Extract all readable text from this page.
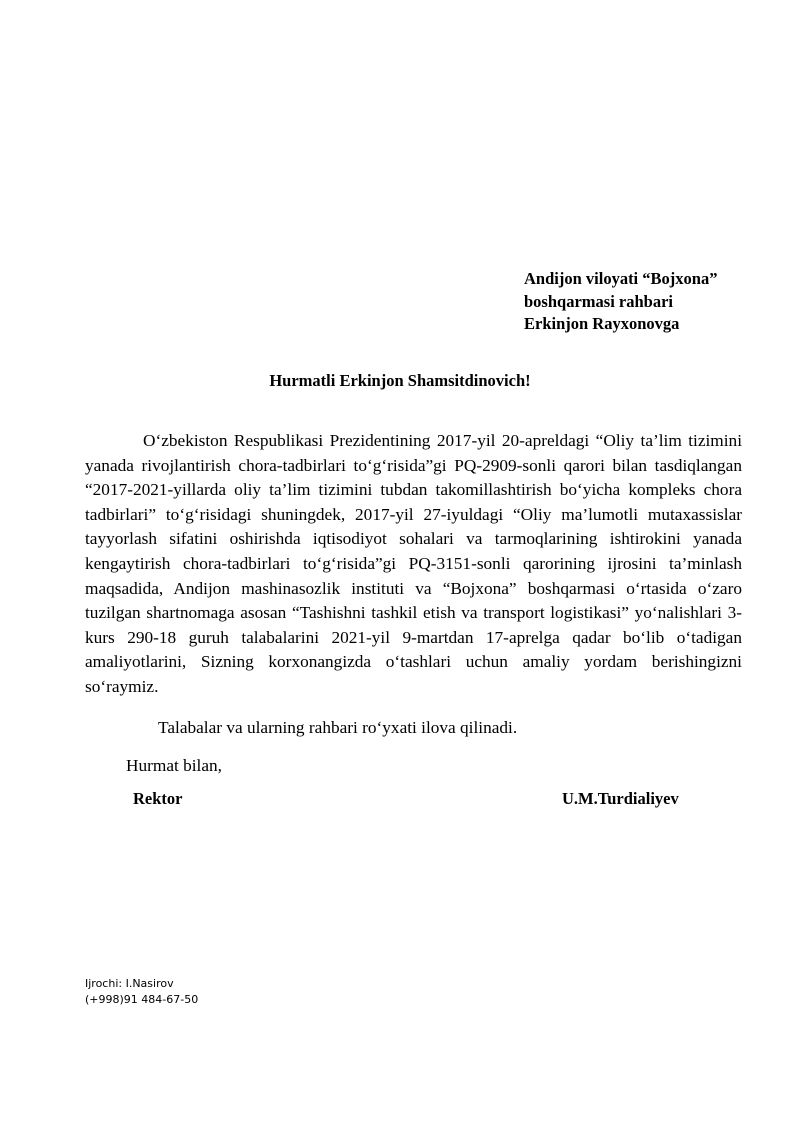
Andijon viloyati “Bojxona”
boshqarmasi rahbari
Erkinjon Rayxonovga
Hurmatli Erkinjon Shamsitdinovich!

O‘zbekiston Respublikasi Prezidentining 2017-yil 20-apreldagi “Oliy ta’lim tizimini yanada rivojlantirish chora-tadbirlari to‘g‘risida”gi PQ-2909-sonli qarori bilan tasdiqlangan “2017-2021-yillarda oliy ta’lim tizimini tubdan takomillashtirish bo‘yicha kompleks chora tadbirlari” to‘g‘risidagi shuningdek, 2017-yil 27-iyuldagi “Oliy ma’lumotli mutaxassislar tayyorlash sifatini oshirishda iqtisodiyot sohalari va tarmoqlarining ishtirokini yanada kengaytirish chora-tadbirlari to‘g‘risida”gi PQ-3151-sonli qarorining ijrosini ta’minlash maqsadida, Andijon mashinasozlik instituti va “Bojxona” boshqarmasi o‘rtasida o‘zaro tuzilgan shartnomaga asosan “Tashishni tashkil etish va transport logistikasi” yo‘nalishlari 3-kurs 290-18 guruh talabalarini 2021-yil 9-martdan 17-aprelga qadar bo‘lib o‘tadigan amaliyotlarini, Sizning korxonangizda o‘tashlari uchun amaliy yordam berishingizni so‘raymiz.

Talabalar va ularning rahbari ro‘yxati ilova qilinadi.
Hurmat bilan,
Rektor	U.M.Turdialiyev
Ijrochi: I.Nasirov
(+998)91 484-67-50
